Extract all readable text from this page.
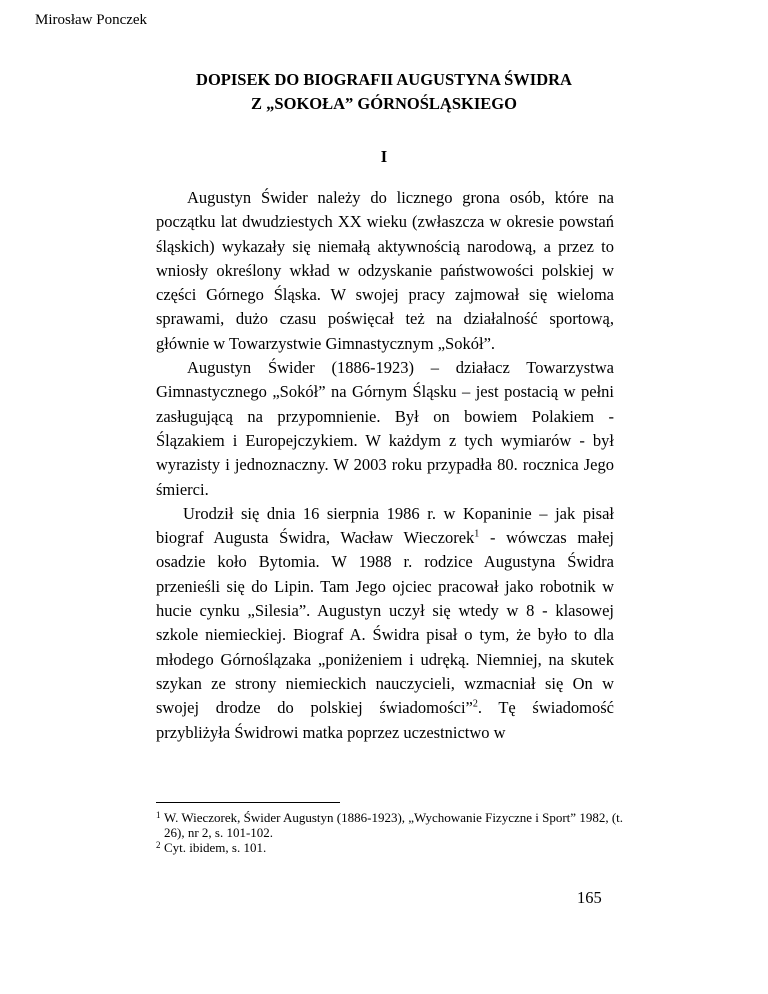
Mirosław Ponczek
DOPISEK DO BIOGRAFII AUGUSTYNA ŚWIDRA
Z „SOKOŁA” GÓRNOŚLĄSKIEGO
I

Augustyn Świder należy do licznego grona osób, które na początku lat dwudziestych XX wieku (zwłaszcza w okresie powstań śląskich) wykazały się niemałą aktywnością narodową, a przez to wniosły określony wkład w odzyskanie państwowości polskiej w części Górnego Śląska. W swojej pracy zajmował się wieloma sprawami, dużo czasu poświęcał też na działalność sportową, głównie w Towarzystwie Gimnastycznym „Sokół”.

Augustyn Świder (1886-1923) – działacz Towarzystwa Gimnastycznego „Sokół” na Górnym Śląsku – jest postacią w pełni zasługującą na przypomnienie. Był on bowiem Polakiem - Ślązakiem i Europejczykiem. W każdym z tych wymiarów - był wyrazisty i jednoznaczny. W 2003 roku przypadła 80. rocznica Jego śmierci.

Urodził się dnia 16 sierpnia 1986 r. w Kopaninie – jak pisał biograf Augusta Świdra, Wacław Wieczorek$^1$ - wówczas małej osadzie koło Bytomia. W 1988 r. rodzice Augustyna Świdra przenieśli się do Lipin. Tam Jego ojciec pracował jako robotnik w hucie cynku „Silesia”. Augustyn uczył się wtedy w 8 - klasowej szkole niemieckiej. Biograf A. Świdra pisał o tym, że było to dla młodego Górnoślązaka „poniżeniem i udręką. Niemniej, na skutek szykan ze strony niemieckich nauczycieli, wzmacniał się On w swojej drodze do polskiej świadomości”$^2$. Tę świadomość przybliżyła Świdrowi matka poprzez uczestnictwo w

1 W. Wieczorek, Świder Augustyn (1886-1923), „Wychowanie Fizyczne i Sport” 1982, (t. 26), nr 2, s. 101-102.
2 Cyt. ibidem, s. 101.
165
